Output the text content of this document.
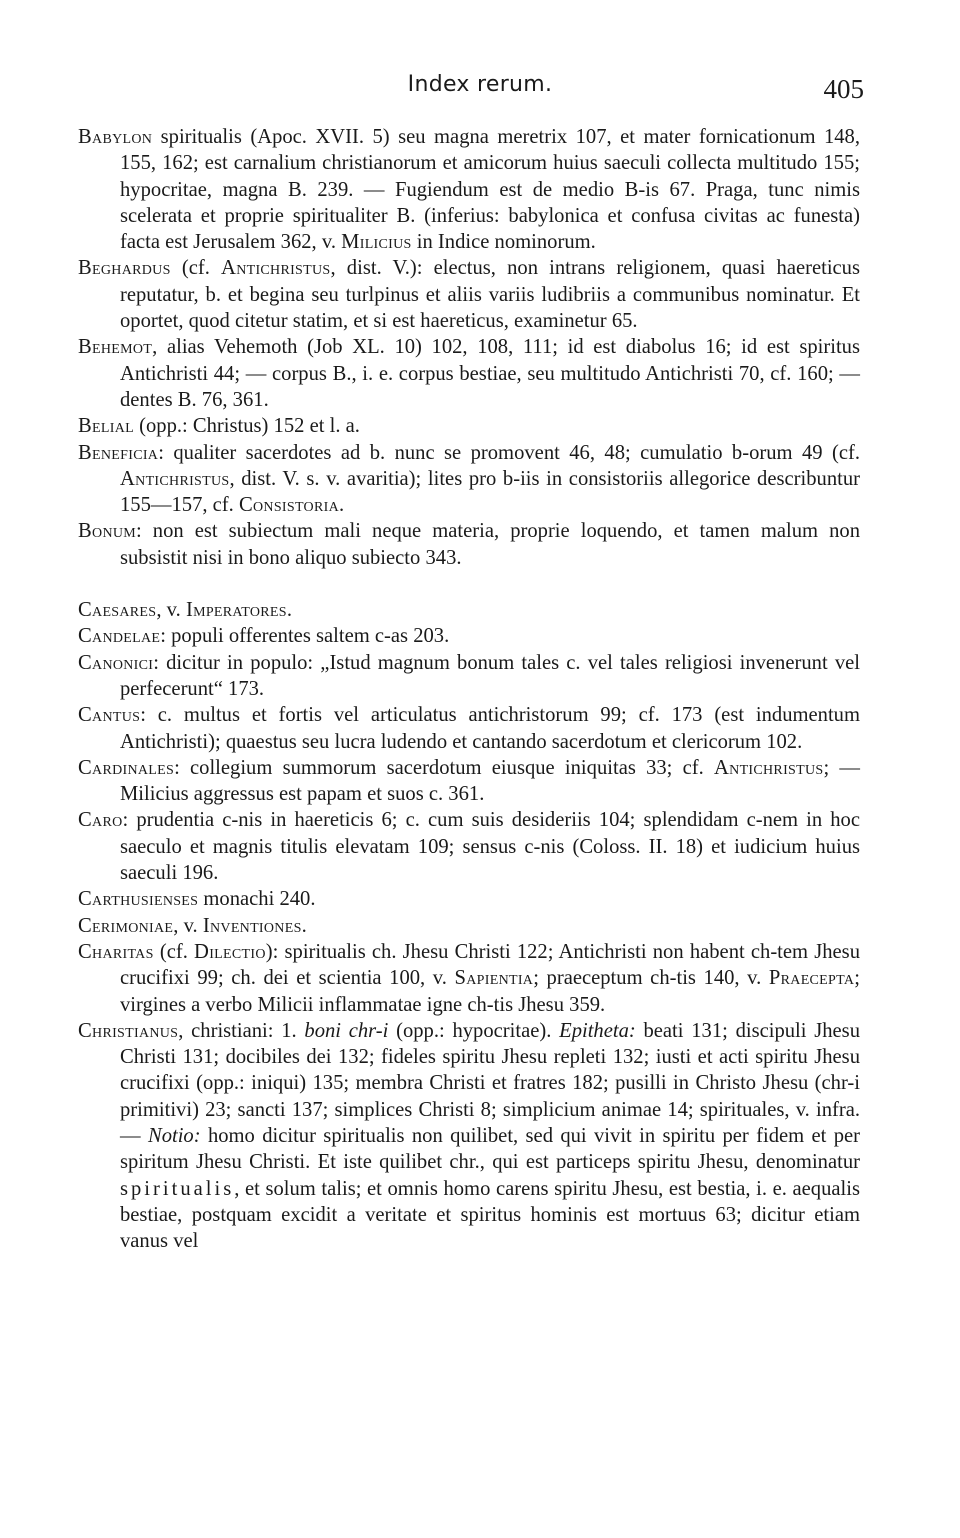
Index rerum.	405

Babylon spiritualis (Apoc. XVII. 5) seu magna meretrix 107, et mater fornicationum 148, 155, 162; est carnalium christianorum et amicorum huius saeculi collecta multitudo 155; hypocritae, magna B. 239. — Fugiendum est de medio B-is 67. Praga, tunc nimis scelerata et proprie spiritualiter B. (inferius: babylonica et confusa civitas ac funesta) facta est Jerusalem 362, v. Milicius in Indice nominorum.

Beghardus (cf. Antichristus, dist. V.): electus, non intrans religionem, quasi haereticus reputatur, b. et begina seu turlpinus et aliis variis ludibriis a communibus nominatur. Et oportet, quod citetur statim, et si est haereticus, examinetur 65.

Behemot, alias Vehemoth (Job XL. 10) 102, 108, 111; id est diabolus 16; id est spiritus Antichristi 44; — corpus B., i. e. corpus bestiae, seu multitudo Antichristi 70, cf. 160; — dentes B. 76, 361.

Belial (opp.: Christus) 152 et l. a.

Beneficia: qualiter sacerdotes ad b. nunc se promovent 46, 48; cumulatio b-orum 49 (cf. Antichristus, dist. V. s. v. avaritia); lites pro b-iis in consistoriis allegorice describuntur 155—157, cf. Consistoria.

Bonum: non est subiectum mali neque materia, proprie loquendo, et tamen malum non subsistit nisi in bono aliquo subiecto 343.

Caesares, v. Imperatores.

Candelae: populi offerentes saltem c-as 203.

Canonici: dicitur in populo: „Istud magnum bonum tales c. vel tales religiosi invenerunt vel perfecerunt“ 173.

Cantus: c. multus et fortis vel articulatus antichristorum 99; cf. 173 (est indumentum Antichristi); quaestus seu lucra ludendo et cantando sacerdotum et clericorum 102.

Cardinales: collegium summorum sacerdotum eiusque iniquitas 33; cf. Antichristus; — Milicius aggressus est papam et suos c. 361.

Caro: prudentia c-nis in haereticis 6; c. cum suis desideriis 104; splendidam c-nem in hoc saeculo et magnis titulis elevatam 109; sensus c-nis (Coloss. II. 18) et iudicium huius saeculi 196.

Carthusienses monachi 240.

Cerimoniae, v. Inventiones.

Charitas (cf. Dilectio): spiritualis ch. Jhesu Christi 122; Antichristi non habent ch-tem Jhesu crucifixi 99; ch. dei et scientia 100, v. Sapientia; praeceptum ch-tis 140, v. Praecepta; virgines a verbo Milicii inflammatae igne ch-tis Jhesu 359.

Christianus, christiani: 1. boni chr-i (opp.: hypocritae). Epitheta: beati 131; discipuli Jhesu Christi 131; docibiles dei 132; fideles spiritu Jhesu repleti 132; iusti et acti spiritu Jhesu crucifixi (opp.: iniqui) 135; membra Christi et fratres 182; pusilli in Christo Jhesu (chr-i primitivi) 23; sancti 137; simplices Christi 8; simplicium animae 14; spirituales, v. infra. — Notio: homo dicitur spiritualis non quilibet, sed qui vivit in spiritu per fidem et per spiritum Jhesu Christi. Et iste quilibet chr., qui est particeps spiritu Jhesu, denominatur spiritualis, et solum talis; et omnis homo carens spiritu Jhesu, est bestia, i. e. aequalis bestiae, postquam excidit a veritate et spiritus hominis est mortuus 63; dicitur etiam vanus vel
